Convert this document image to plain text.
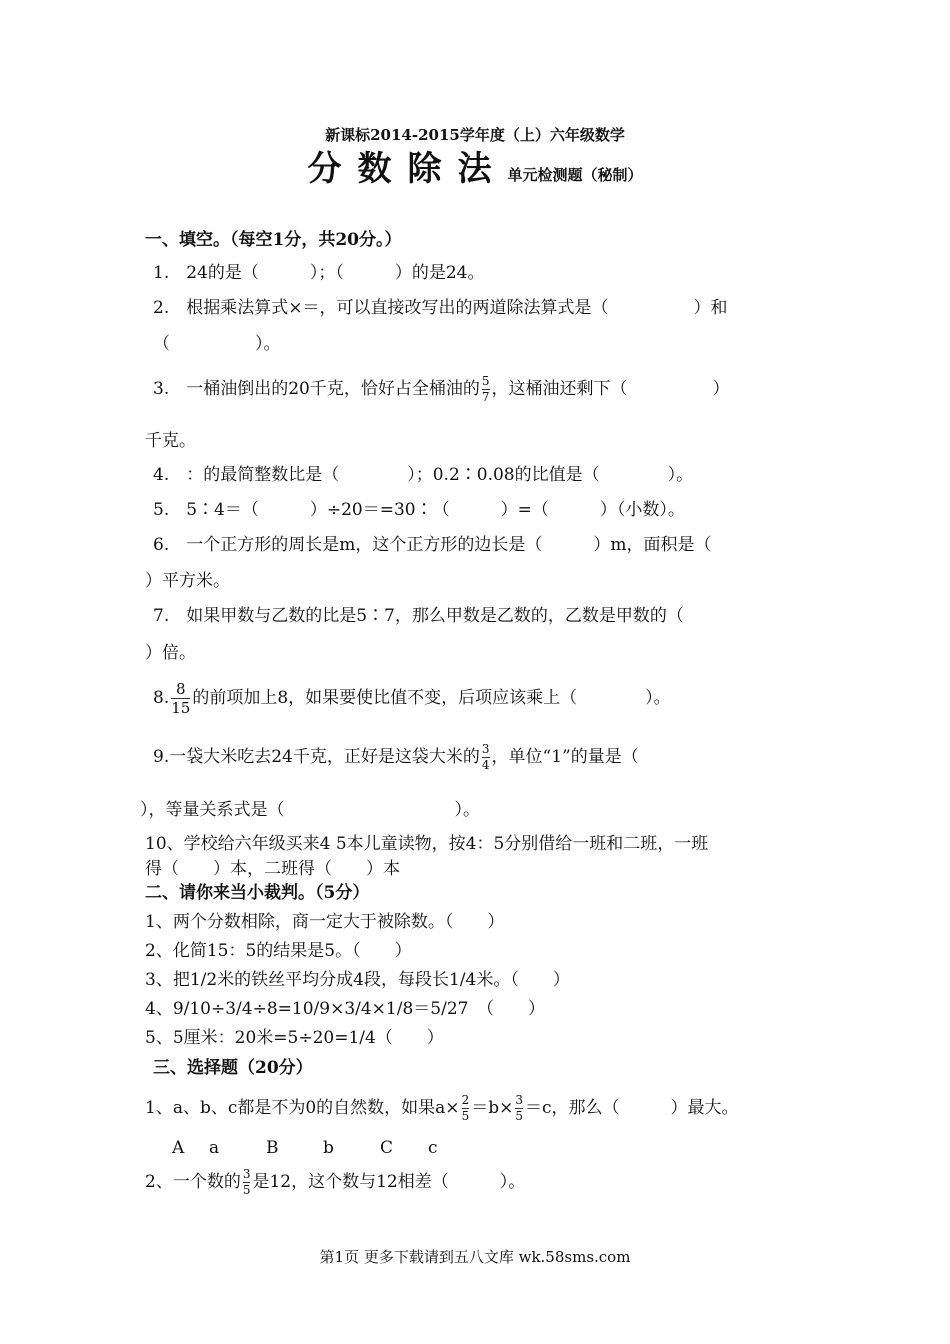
新课标2014-2015学年度（上）六年级数学
分数除法单元检测题（秘制）
一、填空。（每空1分，共20分。）
1.　24的是（　　　）；（　　　）的是24。
2.　根据乘法算式×＝，可以直接改写出的两道除法算式是（　　　　　）和
（　　　　　）。
3.　一桶油倒出的20千克，恰好占全桶油的 $\frac{5}{7}$ ，这桶油还剩下（　　　　　）
千克。
4.　：的最简整数比是（　　　　）；0.2∶0.08的比值是（　　　　）。
5.　5∶4＝（　　　）÷20＝=30∶（　　　）=（　　　）（小数）。
6.　一个正方形的周长是m，这个正方形的边长是（　　　）m，面积是（
）平方米。
7.　如果甲数与乙数的比是5∶7，那么甲数是乙数的，乙数是甲数的（
）倍。
8. $\frac{8}{15}$ 的前项加上8，如果要使比值不变，后项应该乘上（　　　　）。
9.一袋大米吃去24千克，正好是这袋大米的 $\frac{3}{4}$ ，单位“1”的量是（
），等量关系式是（　　　　　　　　　　）。
10、学校给六年级买来4 5本儿童读物，按4：5分别借给一班和二班，一班
得（　　）本，二班得（　　）本
二、请你来当小裁判。（5分）
1、两个分数相除，商一定大于被除数。（　　）
2、化简15：5的结果是5。（　　）
3、把1/2米的铁丝平均分成4段，每段长1/4米。（　　）
4、9/10÷3/4÷8=10/9×3/4×1/8＝5/27　（　　）
5、5厘米：20米=5÷20=1/4（　　）
三、选择题（20分）
1、a、b、c都是不为0的自然数，如果$a\times \frac{2}{5} =b\times \frac{3}{5} =c$，那么（　　　）最大。
A a	B	b	C c
2、一个数的 $\frac{3}{5}$ 是12，这个数与12相差（　　　）。
第1页 更多下载请到五八文库 wk.58sms.com
